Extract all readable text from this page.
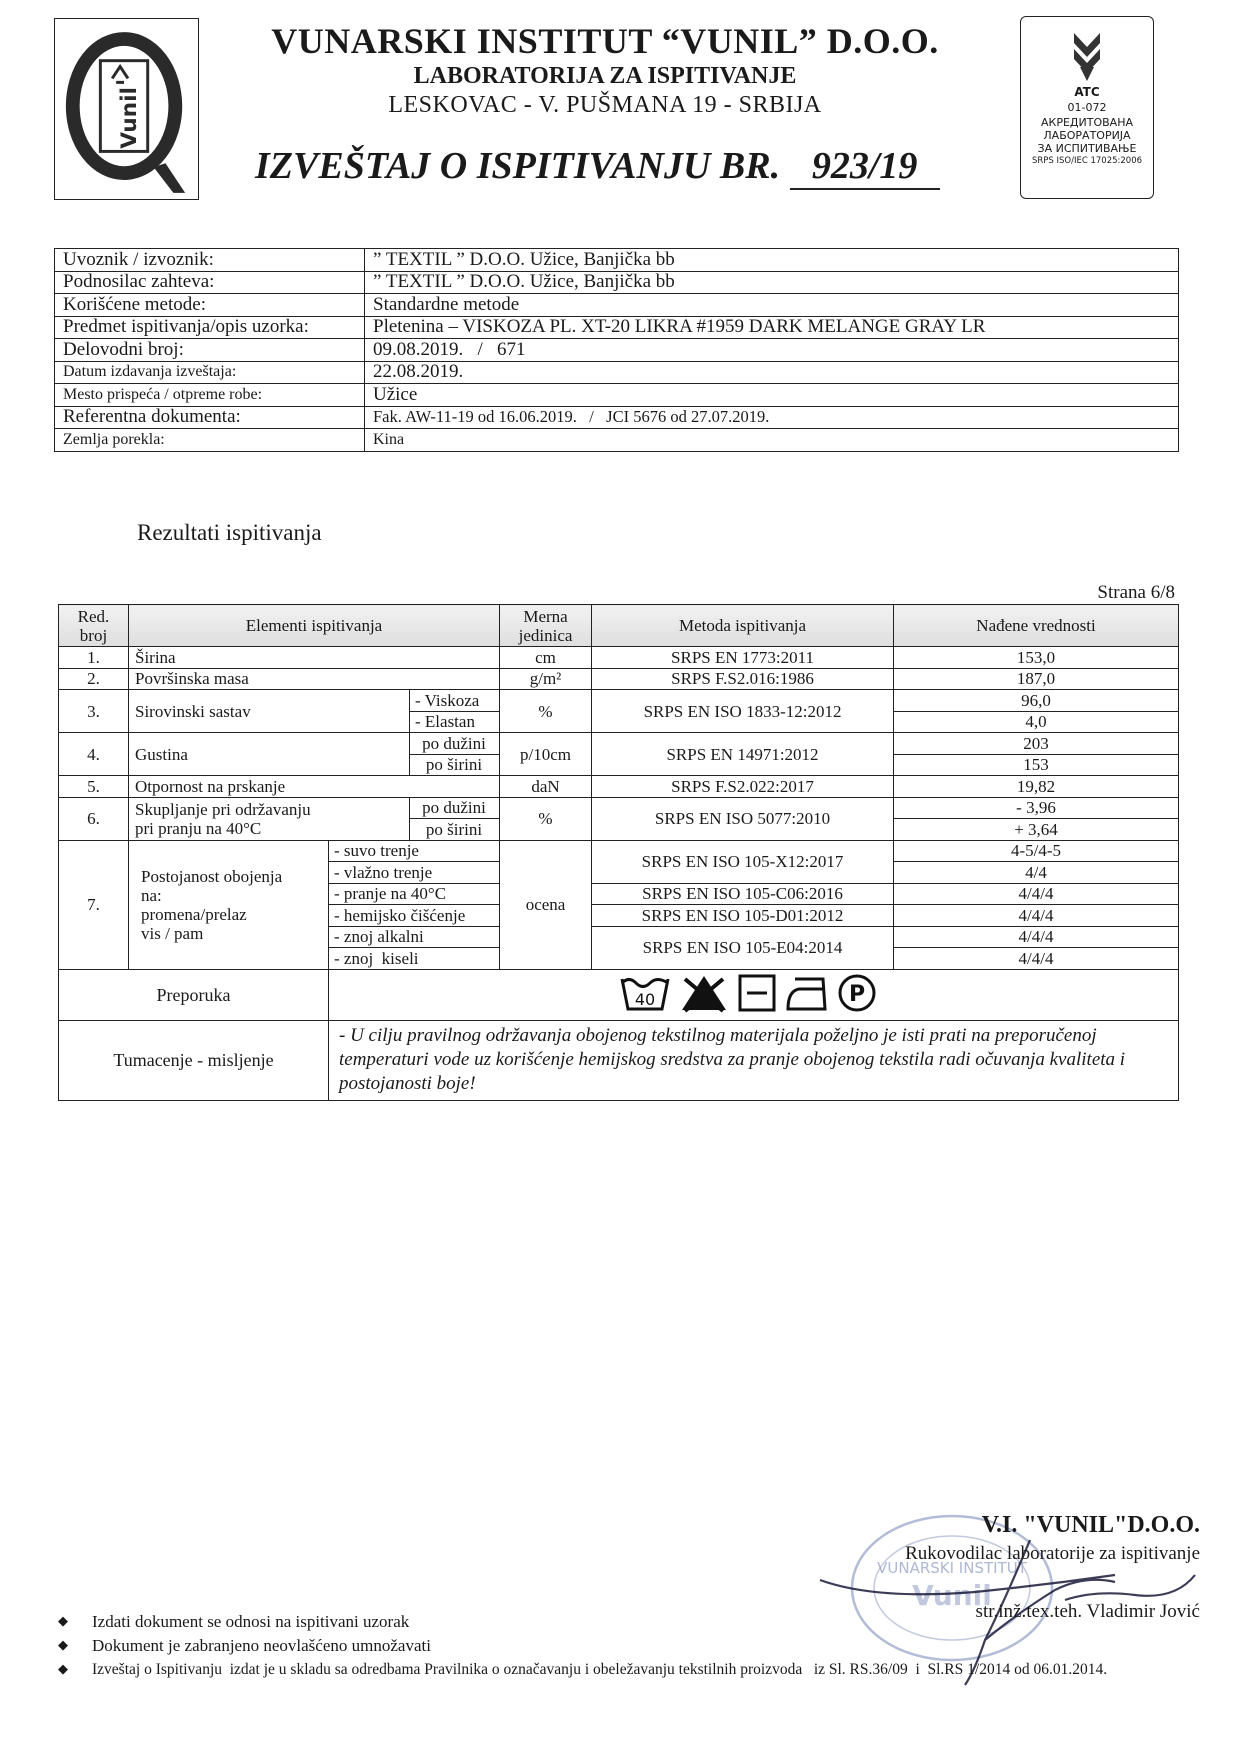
Vunil
VUNARSKI INSTITUT “VUNIL” D.O.O.
LABORATORIJA ZA ISPITIVANJE
LESKOVAC - V. PUŠMANA 19 - SRBIJA
IZVEŠTAJ O ISPITIVANJU BR. 923/19
ATC
01-072
АКРЕДИТОВАНА
ЛАБОРАТОРИЈА
ЗА ИСПИТИВАЊЕ
SRPS ISO/IEC 17025:2006
Uvoznik / izvoznik:	” TEXTIL ” D.O.O. Užice, Banjička bb
Podnosilac zahteva:	” TEXTIL ” D.O.O. Užice, Banjička bb
Korišćene metode:	Standardne metode
Predmet ispitivanja/opis uzorka:	Pletenina – VISKOZA PL. XT-20 LIKRA #1959 DARK MELANGE GRAY LR
Delovodni broj:	09.08.2019.   /   671
Datum izdavanja izveštaja:	22.08.2019.
Mesto prispeća / otpreme robe:	Užice
Referentna dokumenta:	Fak. AW-11-19 od 16.06.2019.   /   JCI 5676 od 27.07.2019.
Zemlja porekla:	Kina
Rezultati ispitivanja
Strana 6/8
Red. broj	Elementi ispitivanja			Merna jedinica	Metoda ispitivanja	Nađene vrednosti
1.	Širina			cm	SRPS EN 1773:2011	153,0
2.	Površinska masa			g/m²	SRPS F.S2.016:1986	187,0
3.	Sirovinski sastav		- Viskoza	%	SRPS EN ISO 1833-12:2012	96,0
			- Elastan			4,0
4.	Gustina		po dužini	p/10cm	SRPS EN 14971:2012	203
			po širini			153
5.	Otpornost na prskanje			daN	SRPS F.S2.022:2017	19,82
6.	Skupljanje pri održavanju
pri pranju na 40°C		po dužini	%	SRPS EN ISO 5077:2010	- 3,96
			po širini			+ 3,64
7.	Postojanost obojenja
na:
promena/prelaz
vis / pam	- suvo trenje		ocena	SRPS EN ISO 105-X12:2017	4-5/4-5
		- vlažno trenje				4/4
		- pranje na 40°C			SRPS EN ISO 105-C06:2016	4/4/4
		- hemijsko čišćenje			SRPS EN ISO 105-D01:2012	4/4/4
		- znoj alkalni			SRPS EN ISO 105-E04:2014	4/4/4
		- znoj  kiseli				4/4/4
Preporuka		40 P				

Tumacenje - misljenje		- U cilju pravilnog održavanja obojenog tekstilnog materijala poželjno je isti prati na preporučenoj temperaturi vode uz korišćenje hemijskog sredstva za pranje obojenog tekstila radi očuvanja kvaliteta i postojanosti boje!				
VUNARSKI INSTITUT
Vunil
V.I. "VUNIL"D.O.O.
Rukovodilac laboratorije za ispitivanje
str.inž.tex.teh. Vladimir Jović
◆ Izdati dokument se odnosi na ispitivani uzorak
◆ Dokument je zabranjeno neovlašćeno umnožavati
◆ Izveštaj o Ispitivanju  izdat je u skladu sa odredbama Pravilnika o označavanju i obeležavanju tekstilnih proizvoda   iz Sl. RS.36/09  i  Sl.RS 1/2014 od 06.01.2014.
